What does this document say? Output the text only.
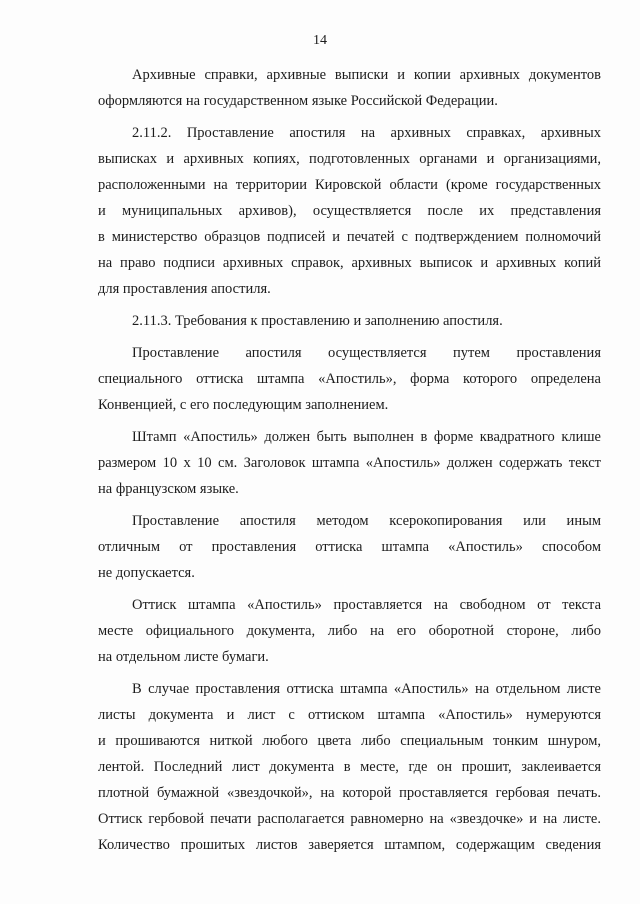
14
Архивные справки, архивные выписки и копии архивных документов
оформляются на государственном языке Российской Федерации.
2.11.2. Проставление апостиля на архивных справках, архивных
выписках и архивных копиях, подготовленных органами и организациями,
расположенными на территории Кировской области (кроме государственных
и муниципальных архивов), осуществляется после их представления
в министерство образцов подписей и печатей с подтверждением полномочий
на право подписи архивных справок, архивных выписок и архивных копий
для проставления апостиля.
2.11.3. Требования к проставлению и заполнению апостиля.
Проставление апостиля осуществляется путем проставления
специального оттиска штампа «Апостиль», форма которого определена
Конвенцией, с его последующим заполнением.
Штамп «Апостиль» должен быть выполнен в форме квадратного клише
размером 10 х 10 см. Заголовок штампа «Апостиль» должен содержать текст
на французском языке.
Проставление апостиля методом ксерокопирования или иным
отличным от проставления оттиска штампа «Апостиль» способом
не допускается.
Оттиск штампа «Апостиль» проставляется на свободном от текста
месте официального документа, либо на его оборотной стороне, либо
на отдельном листе бумаги.
В случае проставления оттиска штампа «Апостиль» на отдельном листе
листы документа и лист с оттиском штампа «Апостиль» нумеруются
и прошиваются ниткой любого цвета либо специальным тонким шнуром,
лентой. Последний лист документа в месте, где он прошит, заклеивается
плотной бумажной «звездочкой», на которой проставляется гербовая печать.
Оттиск гербовой печати располагается равномерно на «звездочке» и на листе.
Количество прошитых листов заверяется штампом, содержащим сведения
